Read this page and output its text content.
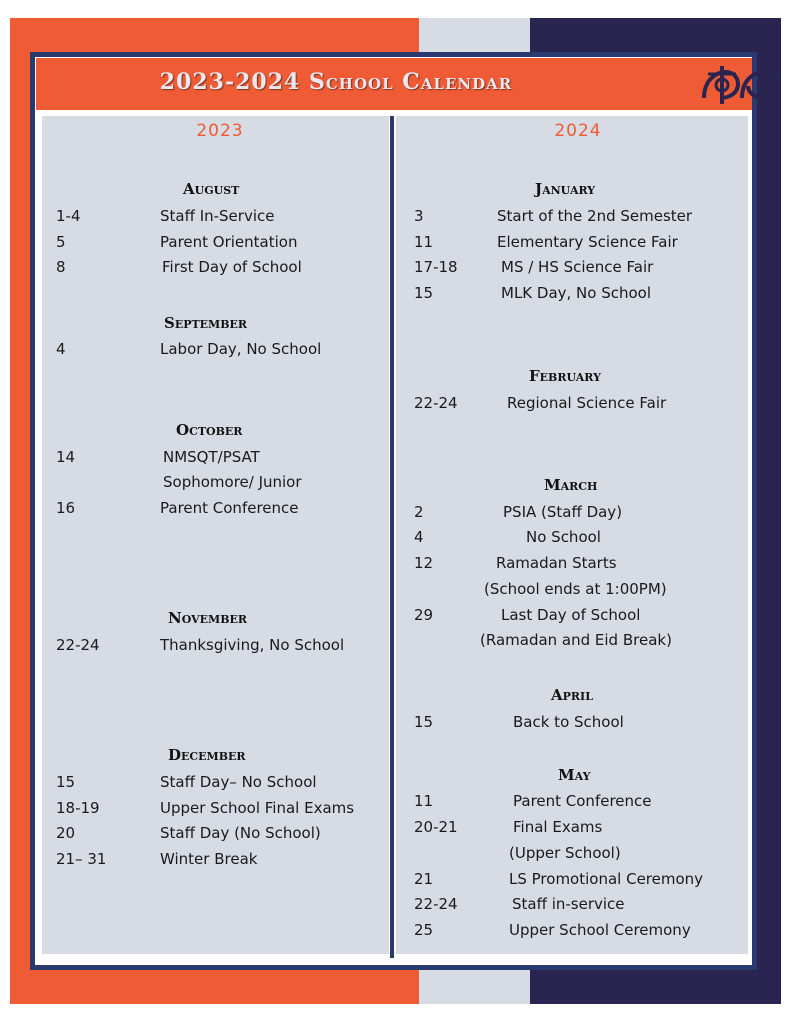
2023-2024 School Calendar
2023	2024
August
1-4	Staff In-Service
5	Parent Orientation
8	First Day of School
September
4	Labor Day, No School
October
14	NMSQT/PSAT
Sophomore/ Junior
16	Parent Conference
November
22-24	Thanksgiving, No School
December
15	Staff Day– No School
18-19	Upper School Final Exams
20	Staff Day (No School)
21– 31	Winter Break
January
3	Start of the 2nd Semester
11	Elementary Science Fair
17-18	MS / HS Science Fair
15	MLK Day, No School
February
22-24	Regional Science Fair
March
2	PSIA (Staff Day)
4	No School
12	Ramadan Starts
(School ends at 1:00PM)
29	Last Day of School
(Ramadan and Eid Break)
April
15	Back to School
May
11	Parent Conference
20-21	Final Exams
(Upper School)
21	LS Promotional Ceremony
22-24	Staff in-service
25	Upper School Ceremony
